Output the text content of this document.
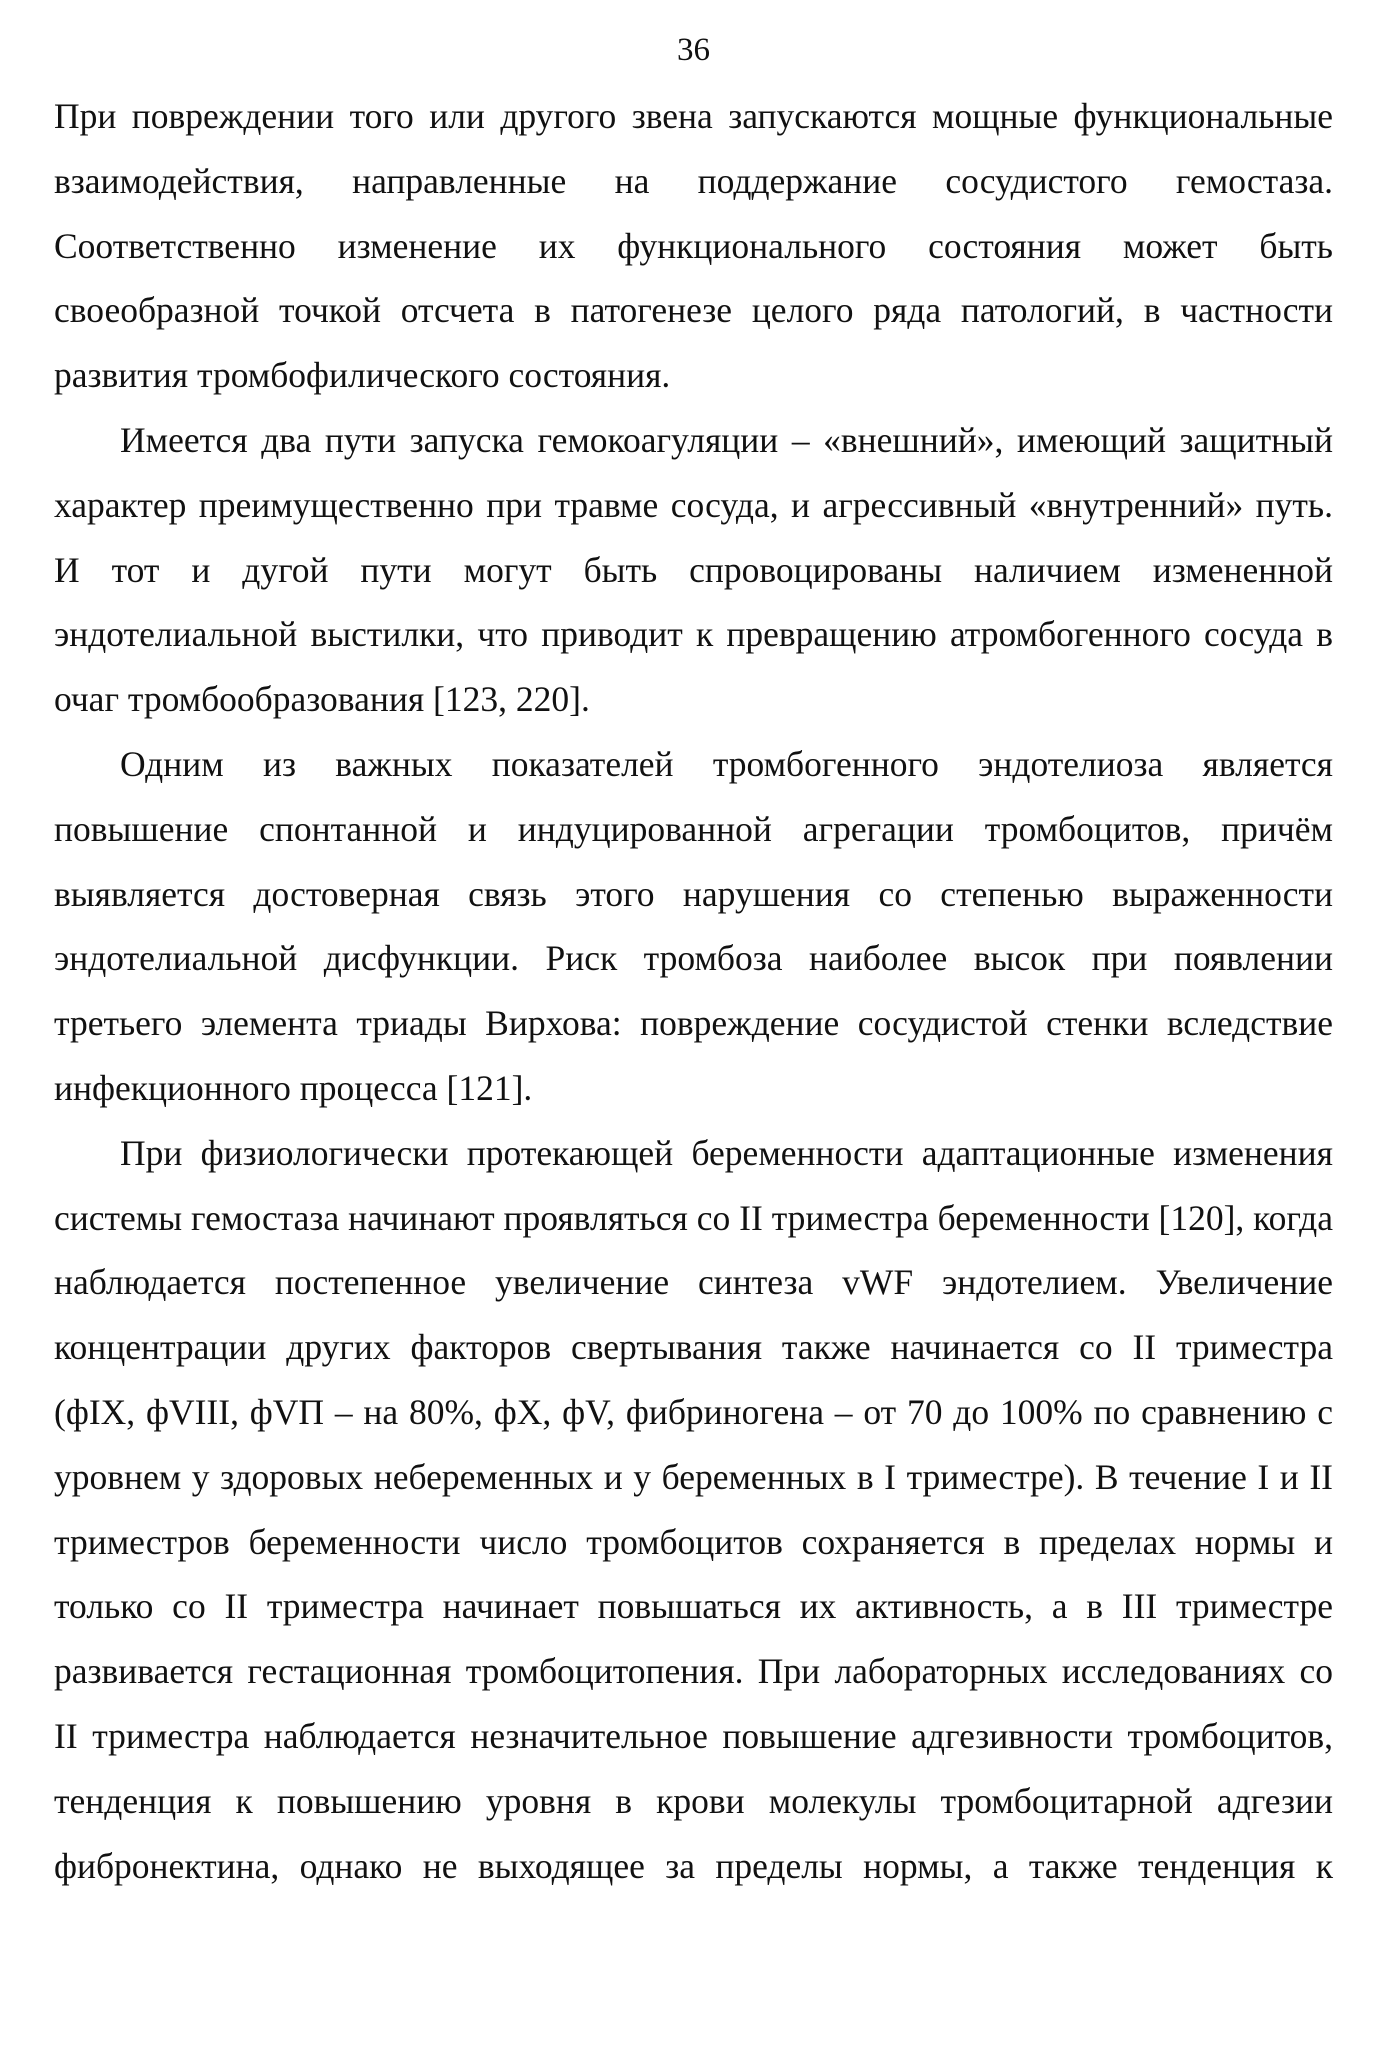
36

При повреждении того или другого звена запускаются мощные функциональные взаимодействия, направленные на поддержание сосудистого гемостаза. Соответственно изменение их функционального состояния может быть своеобразной точкой отсчета в патогенезе целого ряда патологий, в частности развития тромбофилического состояния.

Имеется два пути запуска гемокоагуляции – «внешний», имеющий защитный характер преимущественно при травме сосуда, и агрессивный «внутренний» путь. И тот и дугой пути могут быть спровоцированы наличием измененной эндотелиальной выстилки, что приводит к превращению атромбогенного сосуда в очаг тромбообразования [123, 220].

Одним из важных показателей тромбогенного эндотелиоза является повышение спонтанной и индуцированной агрегации тромбоцитов, причём выявляется достоверная связь этого нарушения со степенью выраженности эндотелиальной дисфункции. Риск тромбоза наиболее высок при появлении третьего элемента триады Вирхова: повреждение сосудистой стенки вследствие инфекционного процесса [121].

При физиологически протекающей беременности адаптационные изменения системы гемостаза начинают проявляться со II триместра беременности [120], когда наблюдается постепенное увеличение синтеза vWF эндотелием. Увеличение концентрации других факторов свертывания также начинается со II триместра (фIX, фVIII, фVП – на 80%, фX, фV, фибриногена – от 70 до 100% по сравнению с уровнем у здоровых небеременных и у беременных в I триместре). В течение I и II триместров беременности число тромбоцитов сохраняется в пределах нормы и только со II триместра начинает повышаться их активность, а в III триместре развивается гестационная тромбоцитопения. При лабораторных исследованиях со II триместра наблюдается незначительное повышение адгезивности тромбоцитов, тенденция к повышению уровня в крови молекулы тромбоцитарной адгезии фибронектина, однако не выходящее за пределы нормы, а также тенденция к
